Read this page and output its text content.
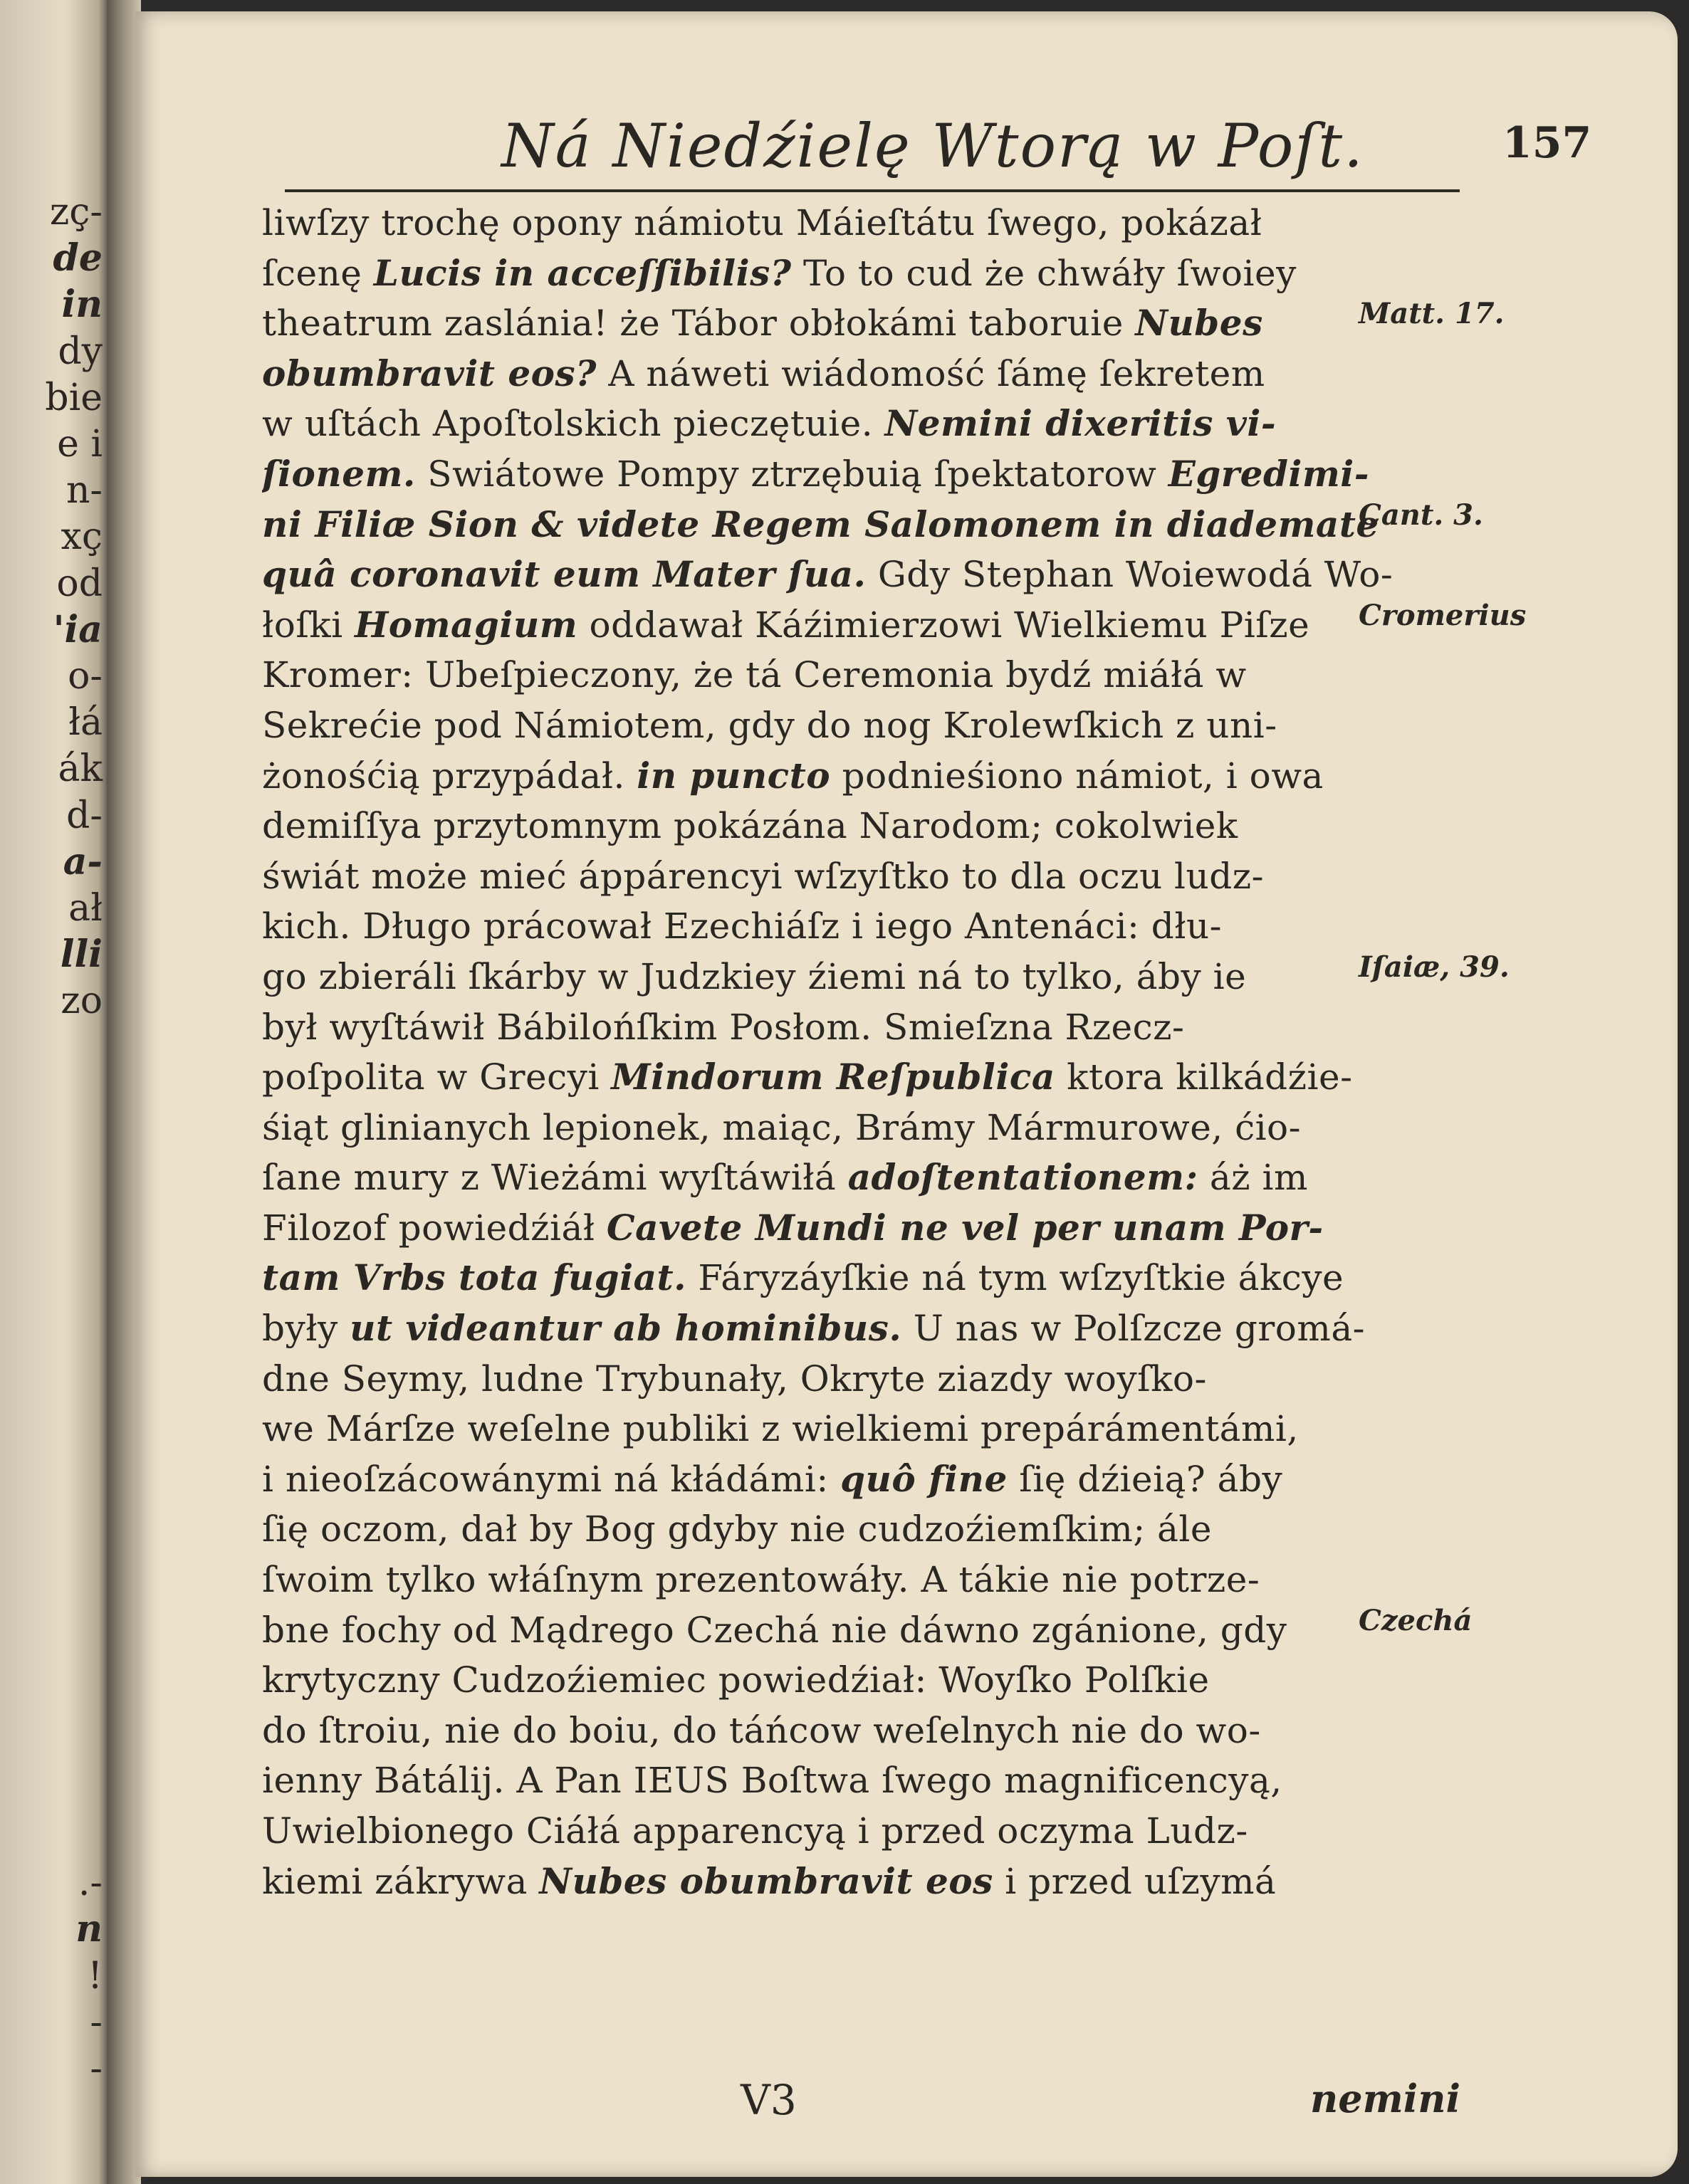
zç-
de
in
dy
bie
e i
n-
xç
od
'ia
o-
łá
ák
d-
a-
ał
lli
zo
.-
n
!
-
-
Ná Niedźielę Wtorą w Poſt.	157
liwſzy trochę opony námiotu Máieſtátu ſwego, pokázał
ſcenę Lucis in acceſſibilis? To to cud że chwáły ſwoiey
theatrum zaslánia! że Tábor obłokámi taboruie Nubes
obumbravit eos? A náweti wiádomość ſámę ſekretem
w uſtách Apoſtolskich pieczętuie. Nemini dixeritis vi-
ſionem. Swiátowe Pompy ztrzębuią ſpektatorow Egredimi-
ni Filiæ Sion & videte Regem Salomonem in diademate
quâ coronavit eum Mater ſua. Gdy Stephan Woiewodá Wo-
łoſki Homagium oddawał Káźimierzowi Wielkiemu Piſze
Kromer: Ubeſpieczony, że tá Ceremonia bydź miáłá w
Sekrećie pod Námiotem, gdy do nog Krolewſkich z uni-
żonośćią przypádał. in puncto podnieśiono námiot, i owa
demiſſya przytomnym pokázána Narodom; cokolwiek
świát może mieć áppárencyi wſzyſtko to dla oczu ludz-
kich. Długo prácował Ezechiáſz i iego Antenáci: dłu-
go zbieráli ſkárby w Judzkiey źiemi ná to tylko, áby ie
był wyſtáwił Bábilońſkim Posłom. Smieſzna Rzecz-
poſpolita w Grecyi Mindorum Reſpublica ktora kilkádźie-
śiąt glinianych lepionek, maiąc, Brámy Mármurowe, ćio-
ſane mury z Wieżámi wyſtáwiłá adoſtentationem: áż im
Filozof powiedźiáł Cavete Mundi ne vel per unam Por-
tam Vrbs tota fugiat. Fáryzáyſkie ná tym wſzyſtkie ákcye
były ut videantur ab hominibus. U nas w Polſzcze gromá-
dne Seymy, ludne Trybunały, Okryte ziazdy woyſko-
we Márſze weſelne publiki z wielkiemi prepárámentámi,
i nieoſzácowánymi ná kłádámi: quô fine ſię dźieią? áby
ſię oczom, dał by Bog gdyby nie cudzoźiemſkim; ále
ſwoim tylko włáſnym prezentowáły. A tákie nie potrze-
bne fochy od Mądrego Czechá nie dáwno zgánione, gdy
krytyczny Cudzoźiemiec powiedźiał: Woyſko Polſkie
do ſtroiu, nie do boiu, do táńcow weſelnych nie do wo-
ienny Bátálij. A Pan IEUS Boſtwa ſwego magnificencyą,
Uwielbionego Ciáłá apparencyą i przed oczyma Ludz-
kiemi zákrywa Nubes obumbravit eos i przed uſzymá
Matt. 17.
Cant. 3.
Cromerius
Iſaiæ, 39.
Czechá
V3	nemini
